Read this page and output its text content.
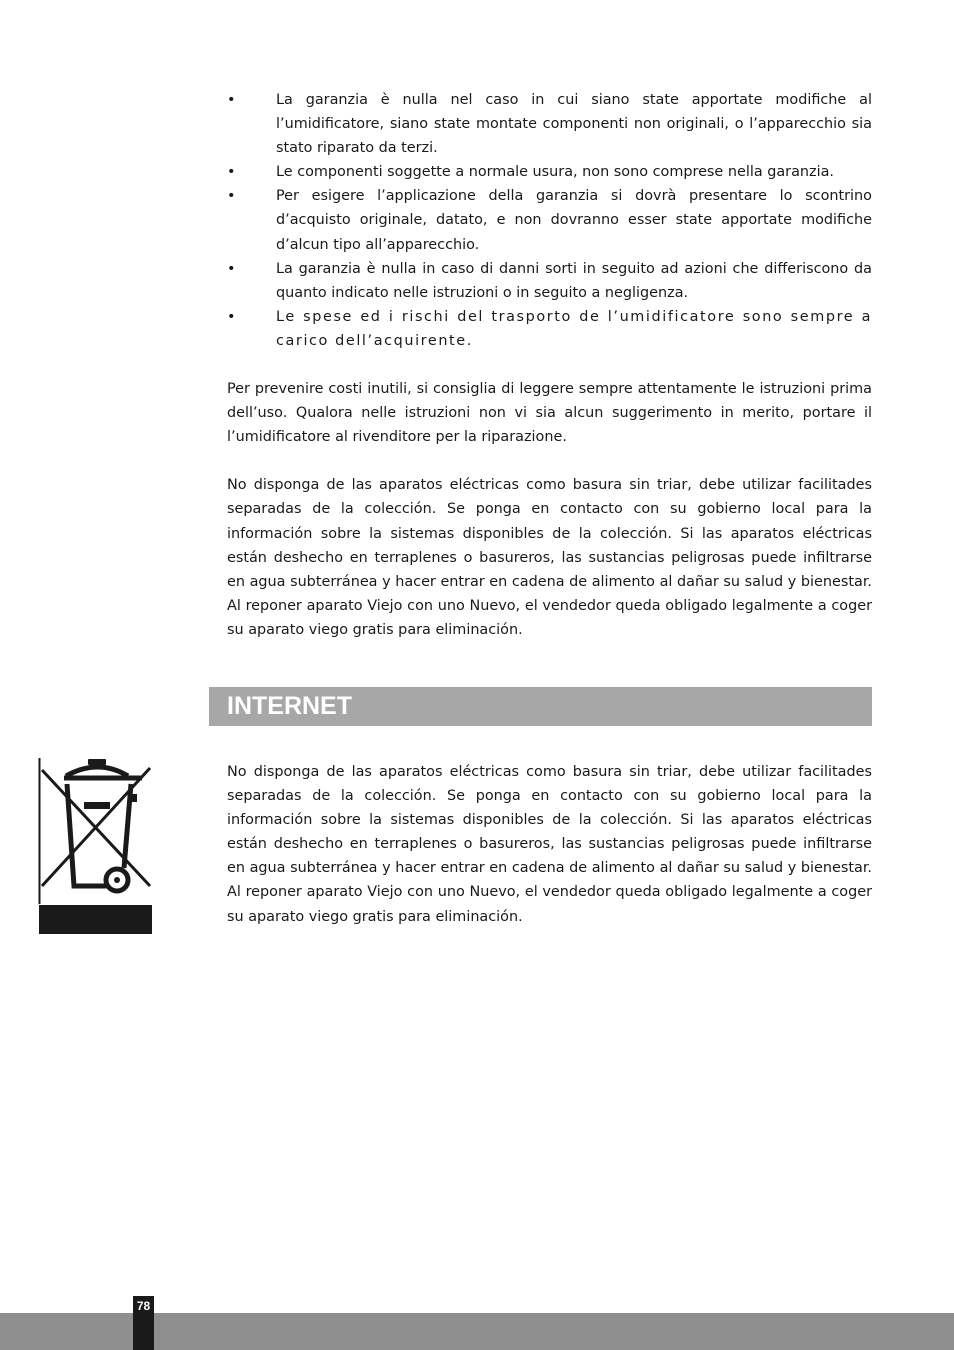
•	La garanzia è nulla nel caso in cui siano state apportate modifiche al l’umidificatore, siano state montate componenti non originali, o l’apparecchio sia stato riparato da terzi.
•	Le componenti soggette a normale usura, non sono comprese nella garanzia.
•	Per esigere l’applicazione della garanzia si dovrà presentare lo scontrino d’acquisto originale, datato, e non dovranno esser state apportate modifiche d’alcun tipo all’apparecchio.
•	La garanzia è nulla in caso di danni sorti in seguito ad azioni che differiscono da quanto indicato nelle istruzioni o in seguito a negligenza.
•	Le spese ed i rischi del trasporto de l’umidificatore sono sempre a carico dell’acquirente.

Per prevenire costi inutili, si consiglia di leggere sempre attentamente le istruzioni prima dell’uso. Qualora nelle istruzioni non vi sia alcun suggerimento in merito, portare il l’umidificatore al rivenditore per la riparazione.

No disponga de las aparatos eléctricas como basura sin triar, debe utilizar facilitades separadas de la colección. Se ponga en contacto con su gobierno local para la información sobre la sistemas disponibles de la colección. Si las aparatos eléctricas están deshecho en terraplenes o basureros, las sustancias peligrosas puede infiltrarse en agua subterránea y hacer entrar en cadena de alimento al dañar su salud y bienestar. Al reponer aparato Viejo con uno Nuevo, el vendedor queda obligado legalmente a coger su aparato viego gratis para eliminación.

INTERNET

No disponga de las aparatos eléctricas como basura sin triar, debe utilizar facilitades separadas de la colección. Se ponga en contacto con su gobierno local para la información sobre la sistemas disponibles de la colección. Si las aparatos eléctricas están deshecho en terraplenes o basureros, las sustancias peligrosas puede infiltrarse en agua subterránea y hacer entrar en cadena de alimento al dañar su salud y bienestar. Al reponer aparato Viejo con uno Nuevo, el vendedor queda obligado legalmente a coger su aparato viego gratis para eliminación.

78
